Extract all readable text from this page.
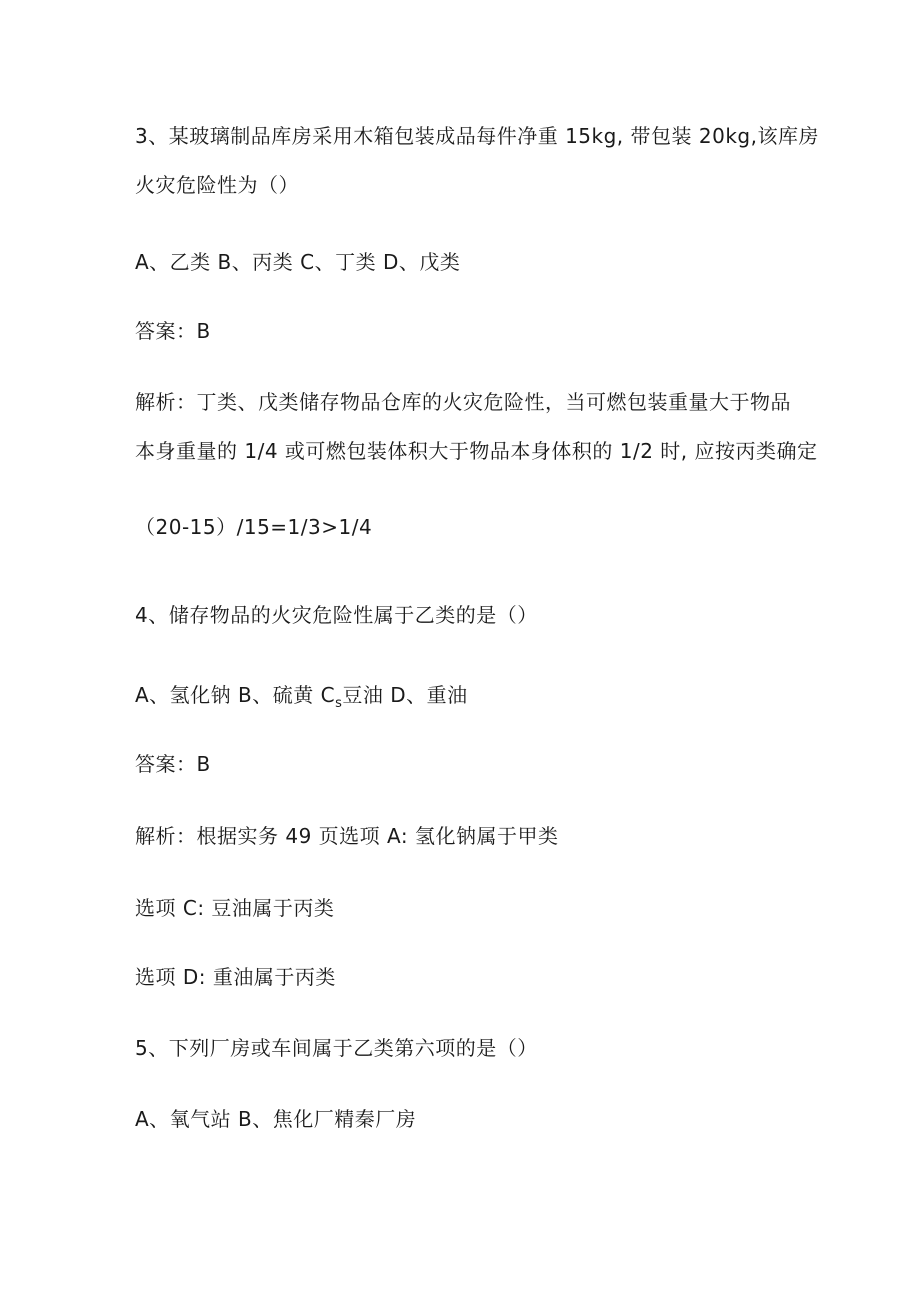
3、某玻璃制品库房采用木箱包装成品每件净重 15kg, 带包装 20kg,该库房

火灾危险性为（）

A、乙类 B、丙类 C、丁类 D、戊类

答案：B

解析：丁类、戊类储存物品仓库的火灾危险性，当可燃包装重量大于物品

本身重量的 1/4 或可燃包装体积大于物品本身体积的 1/2 时, 应按丙类确定

（20-15）/15=1/3>1/4

4、储存物品的火灾危险性属于乙类的是（）

A、氢化钠 B、硫黄 $C_s$豆油 D、重油

答案：B

解析：根据实务 49 页选项 A: 氢化钠属于甲类

选项 C: 豆油属于丙类

选项 D: 重油属于丙类

5、下列厂房或车间属于乙类第六项的是（）

A、氧气站 B、焦化厂精秦厂房
